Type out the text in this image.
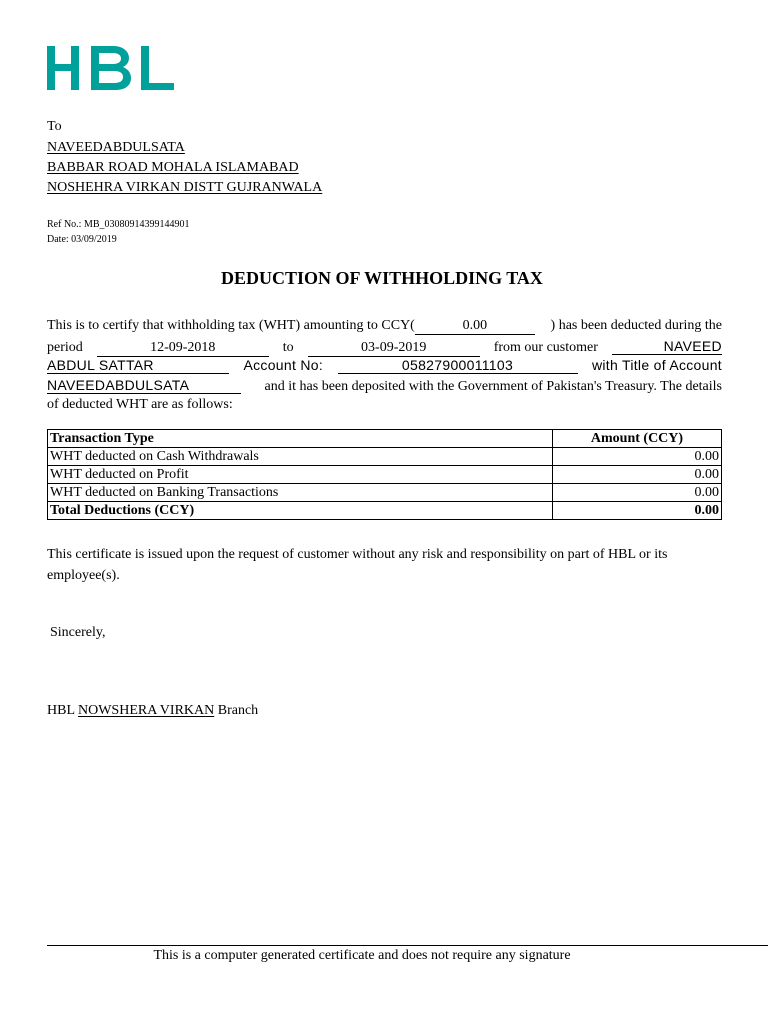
To
NAVEEDABDULSATA
BABBAR ROAD MOHALA ISLAMABAD
NOSHEHRA VIRKAN DISTT GUJRANWALA
Ref No.: MB_03080914399144901
Date: 03/09/2019
DEDUCTION OF WITHHOLDING TAX
This is to certify that withholding tax (WHT) amounting to CCY(	0.00	) has been deducted during the
period	12-09-2018	to	03-09-2019	from our customer	NAVEED
ABDUL SATTAR	Account No:	05827900011103	with Title of Account
NAVEEDABDULSATA	and it has been deposited with the Government of Pakistan's Treasury. The details
of deducted WHT are as follows:
Transaction Type	Amount (CCY)
WHT deducted on Cash Withdrawals	0.00
WHT deducted on Profit	0.00
WHT deducted on Banking Transactions	0.00
Total Deductions (CCY)	0.00
This certificate is issued upon the request of customer without any risk and responsibility on part of HBL or its employee(s).
Sincerely,
HBL NOWSHERA VIRKAN Branch
This is a computer generated certificate and does not require any signature
